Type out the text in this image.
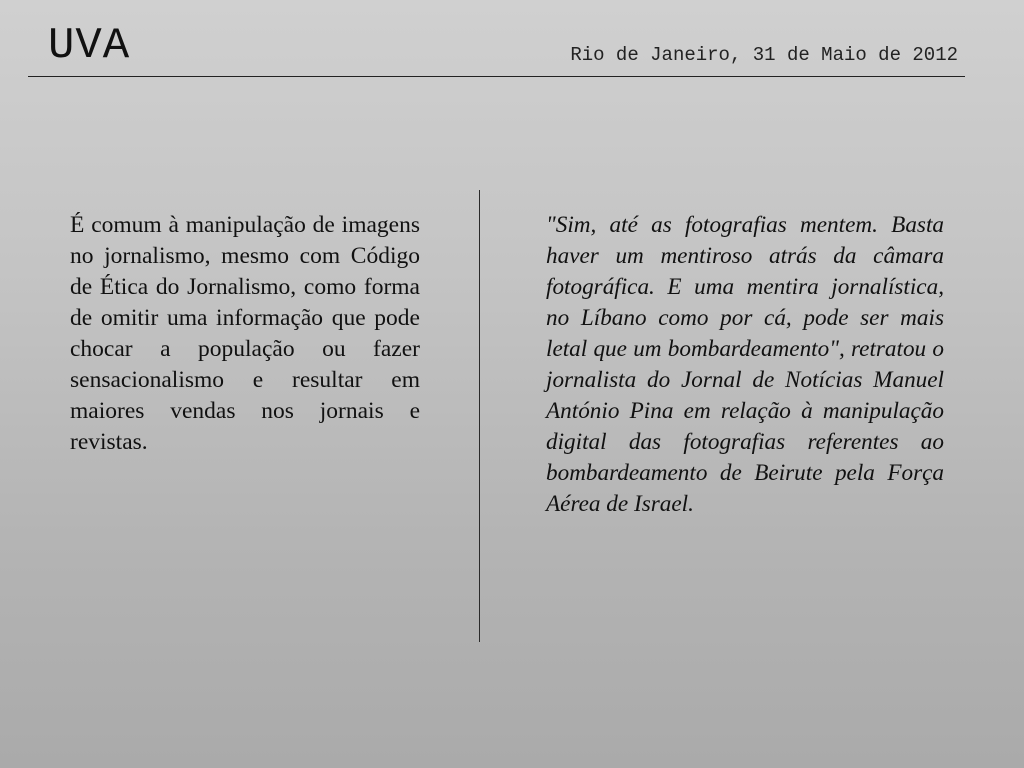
UVA	Rio de Janeiro, 31 de Maio de 2012

É comum à manipulação de imagens no jornalismo, mesmo com Código de Ética do Jornalismo, como forma de omitir uma informação que pode chocar a população ou fazer sensacionalismo e resultar em maiores vendas nos jornais e revistas.

"Sim, até as fotografias mentem. Basta haver um mentiroso atrás da câmara fotográfica. E uma mentira jornalística, no Líbano como por cá, pode ser mais letal que um bombardeamento", retratou o jornalista do Jornal de Notícias Manuel António Pina em relação à manipulação digital das fotografias referentes ao bombardeamento de Beirute pela Força Aérea de Israel.
